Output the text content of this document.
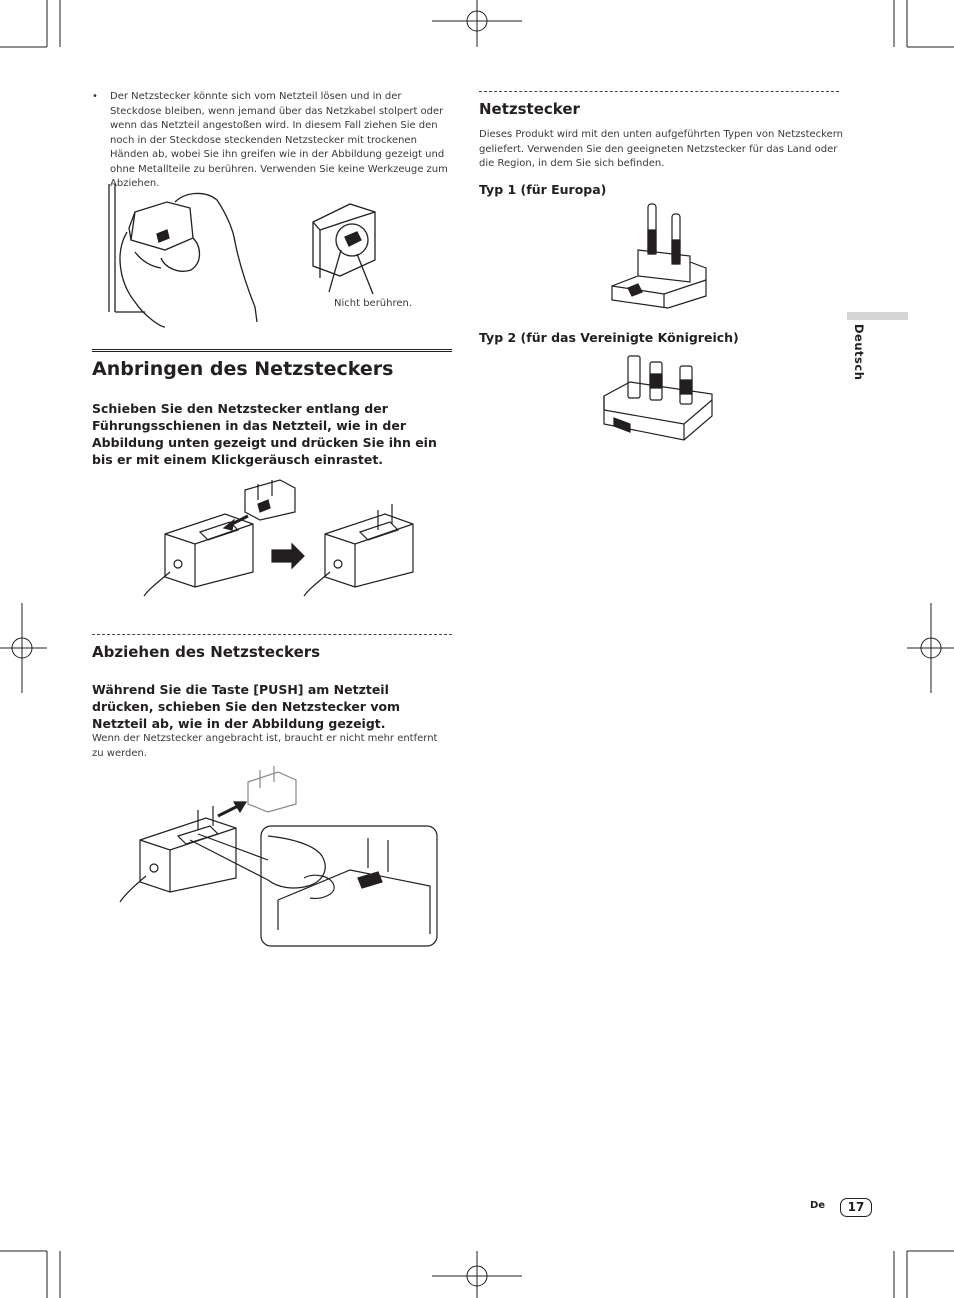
•	Der Netzstecker könnte sich vom Netzteil lösen und in der Steckdose bleiben, wenn jemand über das Netzkabel stolpert oder wenn das Netzteil angestoßen wird. In diesem Fall ziehen Sie den noch in der Steckdose steckenden Netzstecker mit trockenen Händen ab, wobei Sie ihn greifen wie in der Abbildung gezeigt und ohne Metallteile zu berühren. Verwenden Sie keine Werkzeuge zum Abziehen.
Nicht berühren.
Anbringen des Netzsteckers
Schieben Sie den Netzstecker entlang der Führungsschienen in das Netzteil, wie in der Abbildung unten gezeigt und drücken Sie ihn ein bis er mit einem Klickgeräusch einrastet.
Abziehen des Netzsteckers
Während Sie die Taste [PUSH] am Netzteil drücken, schieben Sie den Netzstecker vom Netzteil ab, wie in der Abbildung gezeigt.
Wenn der Netzstecker angebracht ist, braucht er nicht mehr entfernt zu werden.
Netzstecker
Dieses Produkt wird mit den unten aufgeführten Typen von Netzsteckern geliefert. Verwenden Sie den geeigneten Netzstecker für das Land oder die Region, in dem Sie sich befinden.
Typ 1 (für Europa)
Typ 2 (für das Vereinigte Königreich)	Deutsch
De	17
